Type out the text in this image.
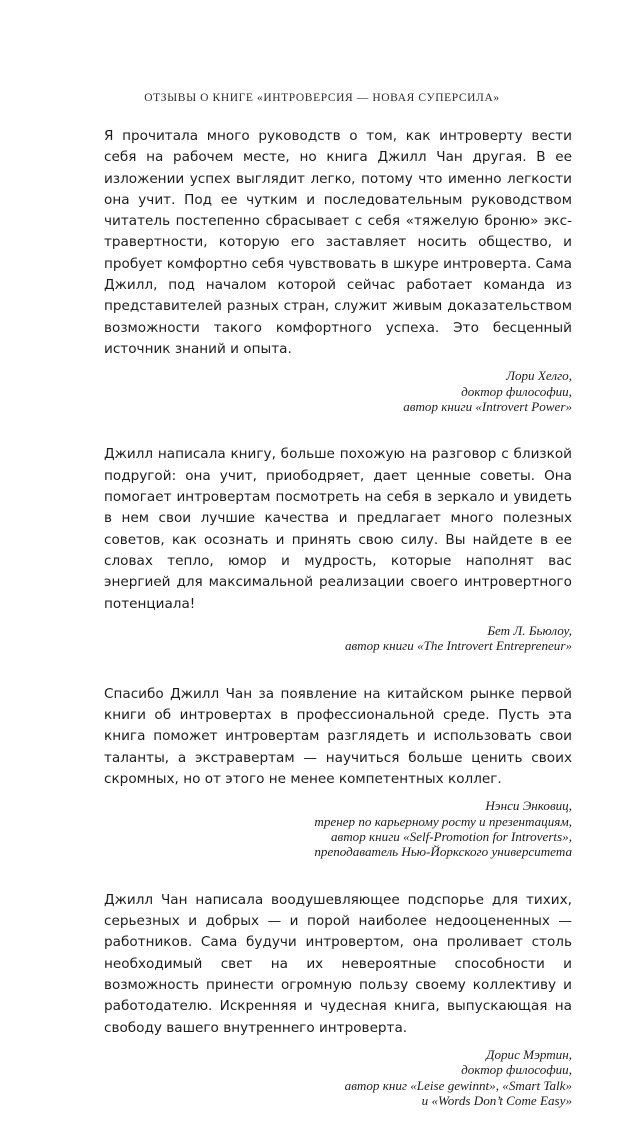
ОТЗЫВЫ О КНИГЕ «ИНТРОВЕРСИЯ — НОВАЯ СУПЕРСИЛА»

Я прочитала много руководств о том, как интроверту вести себя на рабочем месте, но книга Джилл Чан другая. В ее изложении успех выглядит легко, потому что именно легкости она учит. Под ее чутким и последовательным руководством читатель постепенно сбрасывает с себя «тяжелую броню» экстравертности, которую его заставляет носить общество, и пробует комфортно себя чувствовать в шкуре интроверта. Сама Джилл, под началом которой сейчас работает команда из представителей разных стран, служит живым доказательством возможности такого комфортного успеха. Это бесценный источник знаний и опыта.

Лори Хелго,
доктор философии,
автор книги «Introvert Power»

Джилл написала книгу, больше похожую на разговор с близкой подругой: она учит, приободряет, дает ценные советы. Она помогает интровертам посмотреть на себя в зеркало и увидеть в нем свои лучшие качества и предлагает много полезных советов, как осознать и принять свою силу. Вы найдете в ее словах тепло, юмор и мудрость, которые наполнят вас энергией для максимальной реализации своего интровертного потенциала!

Бет Л. Бьюлоу,
автор книги «The Introvert Entrepreneur»

Спасибо Джилл Чан за появление на китайском рынке первой книги об интровертах в профессиональной среде. Пусть эта книга поможет интровертам разглядеть и использовать свои таланты, а экстравертам — научиться больше ценить своих скромных, но от этого не менее компетентных коллег.

Нэнси Энковиц,
тренер по карьерному росту и презентациям,
автор книги «Self-Promotion for Introverts»,
преподаватель Нью-Йоркского университета

Джилл Чан написала воодушевляющее подспорье для тихих, серьезных и добрых — и порой наиболее недооцененных — работников. Сама будучи интровертом, она проливает столь необходимый свет на их невероятные способности и возможность принести огромную пользу своему коллективу и работодателю. Искренняя и чудесная книга, выпускающая на свободу вашего внутреннего интроверта.

Дорис Мэртин,
доктор философии,
автор книг «Leise gewinnt», «Smart Talk»
и «Words Don’t Come Easy»
